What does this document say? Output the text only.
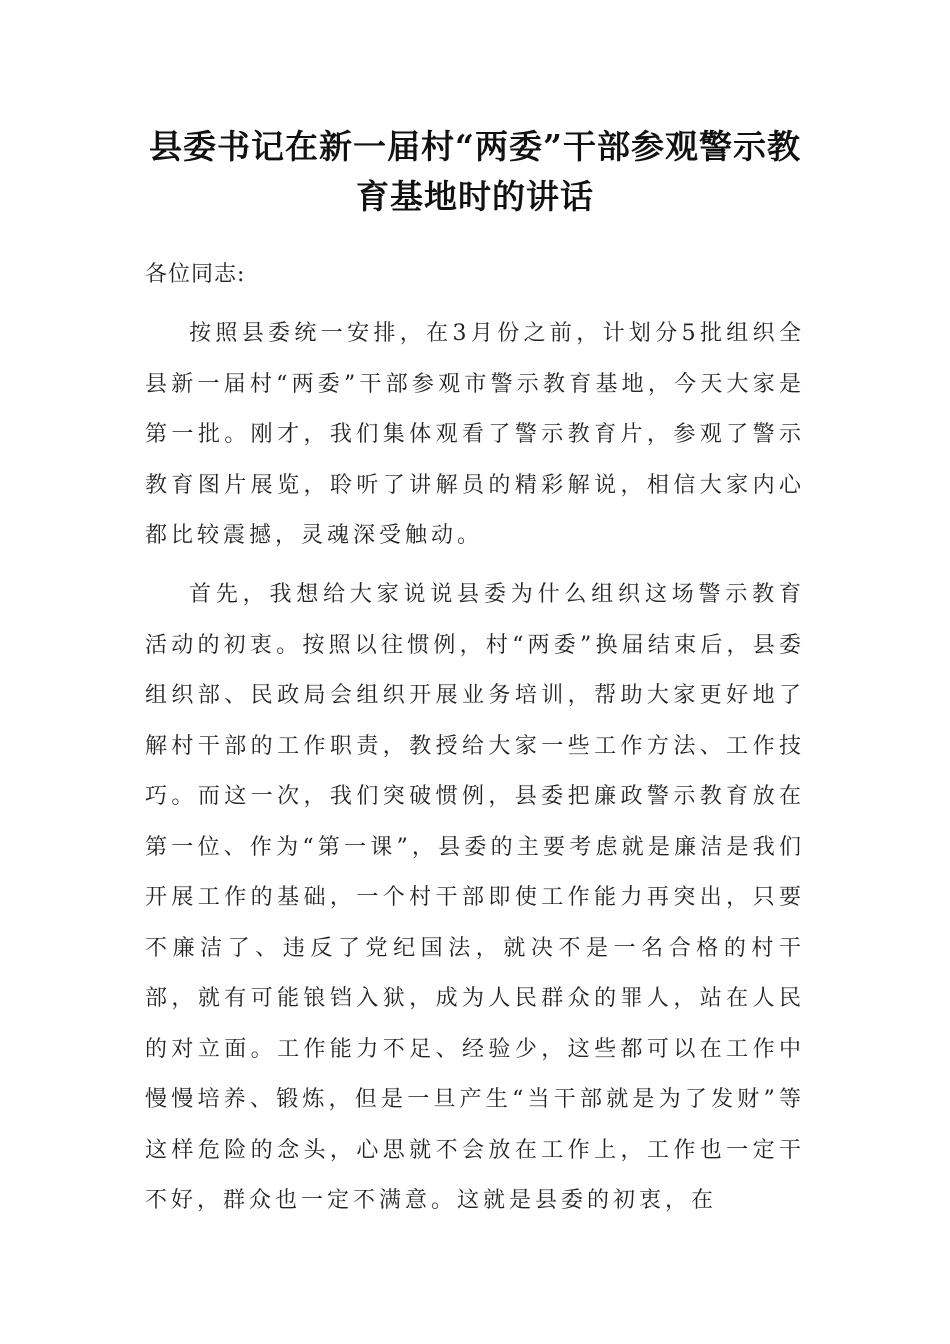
县委书记在新一届村“两委”干部参观警示教育基地时的讲话

各位同志:

按照县委统一安排，在3月份之前，计划分5批组织全县新一届村“两委”干部参观市警示教育基地，今天大家是第一批。刚才，我们集体观看了警示教育片，参观了警示教育图片展览，聆听了讲解员的精彩解说，相信大家内心都比较震撼，灵魂深受触动。

首先，我想给大家说说县委为什么组织这场警示教育活动的初衷。按照以往惯例，村“两委”换届结束后，县委组织部、民政局会组织开展业务培训，帮助大家更好地了解村干部的工作职责，教授给大家一些工作方法、工作技巧。而这一次，我们突破惯例，县委把廉政警示教育放在第一位、作为“第一课”，县委的主要考虑就是廉洁是我们开展工作的基础，一个村干部即使工作能力再突出，只要不廉洁了、违反了党纪国法，就决不是一名合格的村干部，就有可能锒铛入狱，成为人民群众的罪人，站在人民的对立面。工作能力不足、经验少，这些都可以在工作中慢慢培养、锻炼，但是一旦产生“当干部就是为了发财”等这样危险的念头，心思就不会放在工作上，工作也一定干不好，群众也一定不满意。这就是县委的初衷，在
